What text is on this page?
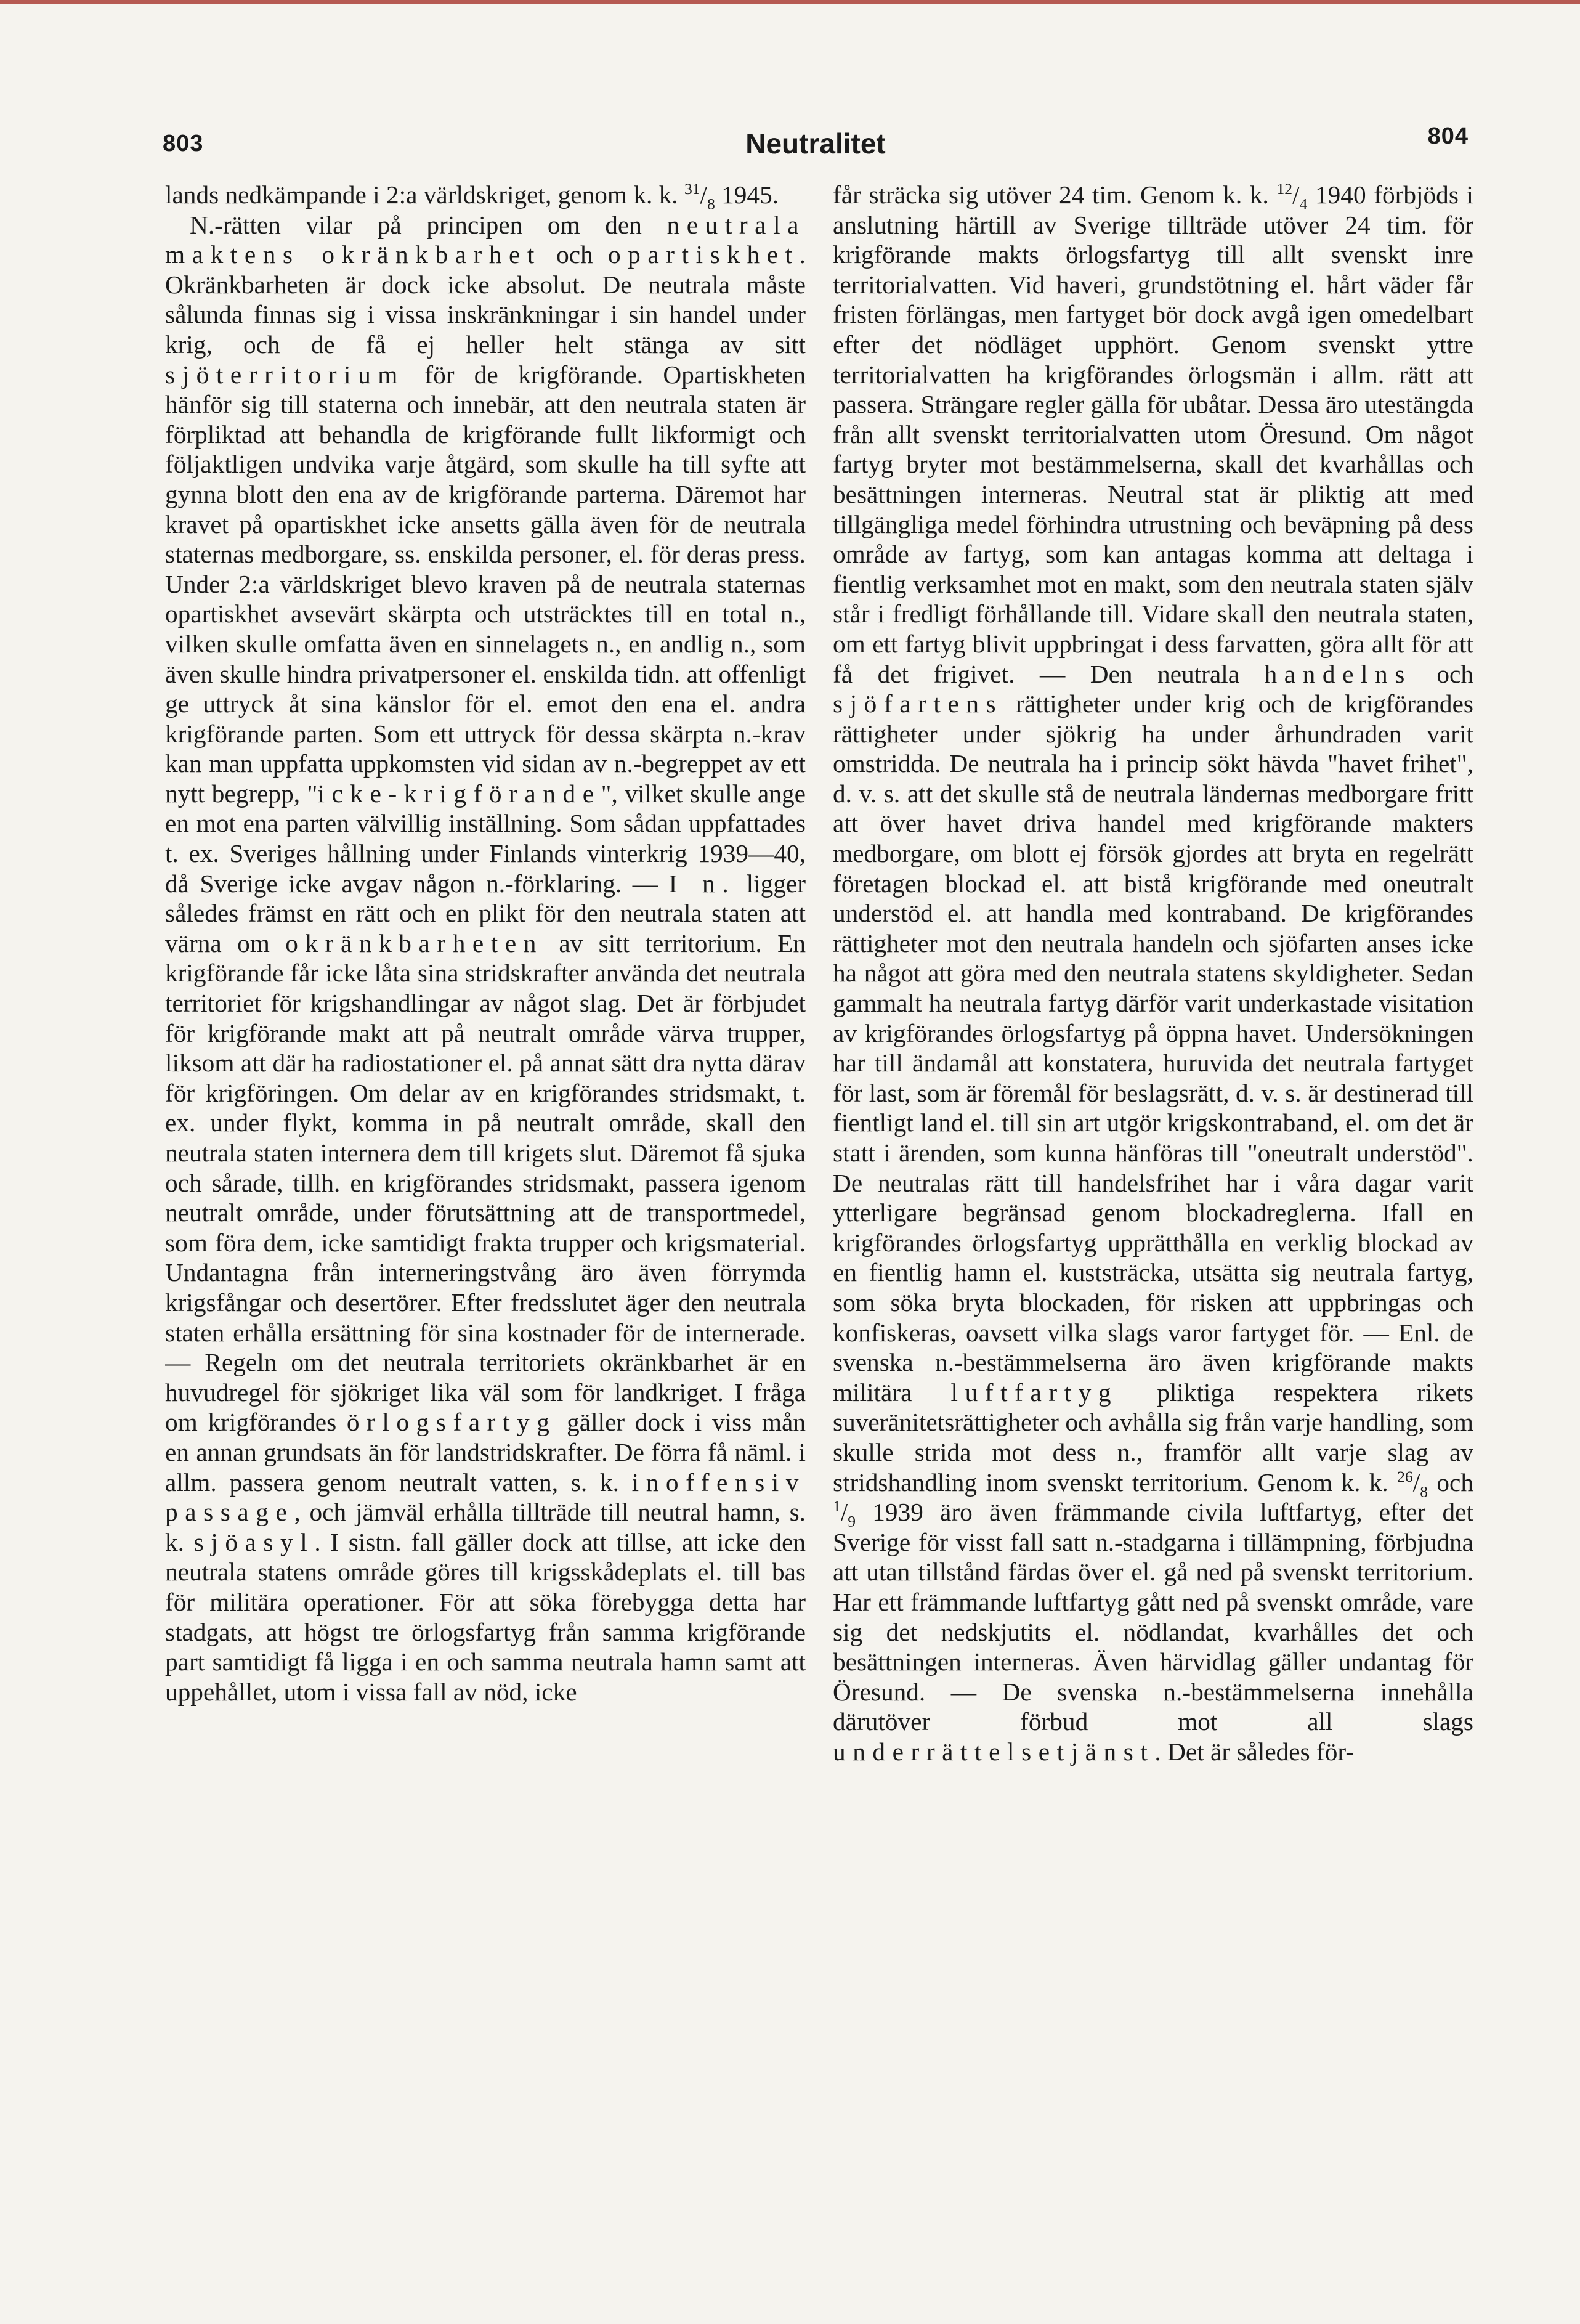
803	Neutralitet	804

lands nedkämpande i 2:a världskriget, genom k. k. $^{31}/_8$ 1945.

N.-rätten vilar på principen om den neutrala maktens okränkbarhet och opartiskhet. Okränkbarheten är dock icke absolut. De neutrala måste sålunda finnas sig i vissa inskränkningar i sin handel under krig, och de få ej heller helt stänga av sitt sjöterritorium för de krigförande. Opartiskheten hänför sig till staterna och innebär, att den neutrala staten är förpliktad att behandla de krigförande fullt likformigt och följaktligen undvika varje åtgärd, som skulle ha till syfte att gynna blott den ena av de krigförande parterna. Däremot har kravet på opartiskhet icke ansetts gälla även för de neutrala staternas medborgare, ss. enskilda personer, el. för deras press. Under 2:a världskriget blevo kraven på de neutrala staternas opartiskhet avsevärt skärpta och utsträcktes till en total n., vilken skulle omfatta även en sinnelagets n., en andlig n., som även skulle hindra privatpersoner el. enskilda tidn. att offenligt ge uttryck åt sina känslor för el. emot den ena el. andra krigförande parten. Som ett uttryck för dessa skärpta n.-krav kan man uppfatta uppkomsten vid sidan av n.-begreppet av ett nytt begrepp, "icke-krigförande", vilket skulle ange en mot ena parten välvillig inställning. Som sådan uppfattades t. ex. Sveriges hållning under Finlands vinterkrig 1939—40, då Sverige icke avgav någon n.-förklaring. — I n. ligger således främst en rätt och en plikt för den neutrala staten att värna om okränkbarheten av sitt territorium. En krigförande får icke låta sina stridskrafter använda det neutrala territoriet för krigshandlingar av något slag. Det är förbjudet för krigförande makt att på neutralt område värva trupper, liksom att där ha radiostationer el. på annat sätt dra nytta därav för krigföringen. Om delar av en krigförandes stridsmakt, t. ex. under flykt, komma in på neutralt område, skall den neutrala staten internera dem till krigets slut. Däremot få sjuka och sårade, tillh. en krigförandes stridsmakt, passera igenom neutralt område, under förutsättning att de transportmedel, som föra dem, icke samtidigt frakta trupper och krigsmaterial. Undantagna från interneringstvång äro även förrymda krigsfångar och desertörer. Efter fredsslutet äger den neutrala staten erhålla ersättning för sina kostnader för de internerade. — Regeln om det neutrala territoriets okränkbarhet är en huvudregel för sjökriget lika väl som för landkriget. I fråga om krigförandes örlogsfartyg gäller dock i viss mån en annan grundsats än för landstridskrafter. De förra få näml. i allm. passera genom neutralt vatten, s. k. inoffensiv passage, och jämväl erhålla tillträde till neutral hamn, s. k. sjöasyl. I sistn. fall gäller dock att tillse, att icke den neutrala statens område göres till krigsskådeplats el. till bas för militära operationer. För att söka förebygga detta har stadgats, att högst tre örlogsfartyg från samma krigförande part samtidigt få ligga i en och samma neutrala hamn samt att uppehållet, utom i vissa fall av nöd, icke

får sträcka sig utöver 24 tim. Genom k. k. $^{12}/_4$ 1940 förbjöds i anslutning härtill av Sverige tillträde utöver 24 tim. för krigförande makts örlogsfartyg till allt svenskt inre territorialvatten. Vid haveri, grundstötning el. hårt väder får fristen förlängas, men fartyget bör dock avgå igen omedelbart efter det nödläget upphört. Genom svenskt yttre territorialvatten ha krigförandes örlogsmän i allm. rätt att passera. Strängare regler gälla för ubåtar. Dessa äro utestängda från allt svenskt territorialvatten utom Öresund. Om något fartyg bryter mot bestämmelserna, skall det kvarhållas och besättningen interneras. Neutral stat är pliktig att med tillgängliga medel förhindra utrustning och beväpning på dess område av fartyg, som kan antagas komma att deltaga i fientlig verksamhet mot en makt, som den neutrala staten själv står i fredligt förhållande till. Vidare skall den neutrala staten, om ett fartyg blivit uppbringat i dess farvatten, göra allt för att få det frigivet. — Den neutrala handelns och sjöfartens rättigheter under krig och de krigförandes rättigheter under sjökrig ha under århundraden varit omstridda. De neutrala ha i princip sökt hävda "havet frihet", d. v. s. att det skulle stå de neutrala ländernas medborgare fritt att över havet driva handel med krigförande makters medborgare, om blott ej försök gjordes att bryta en regelrätt företagen blockad el. att bistå krigförande med oneutralt understöd el. att handla med kontraband. De krigförandes rättigheter mot den neutrala handeln och sjöfarten anses icke ha något att göra med den neutrala statens skyldigheter. Sedan gammalt ha neutrala fartyg därför varit underkastade visitation av krigförandes örlogsfartyg på öppna havet. Undersökningen har till ändamål att konstatera, huruvida det neutrala fartyget för last, som är föremål för beslagsrätt, d. v. s. är destinerad till fientligt land el. till sin art utgör krigskontraband, el. om det är statt i ärenden, som kunna hänföras till "oneutralt understöd". De neutralas rätt till handelsfrihet har i våra dagar varit ytterligare begränsad genom blockadreglerna. Ifall en krigförandes örlogsfartyg upprätthålla en verklig blockad av en fientlig hamn el. kuststräcka, utsätta sig neutrala fartyg, som söka bryta blockaden, för risken att uppbringas och konfiskeras, oavsett vilka slags varor fartyget för. — Enl. de svenska n.-bestämmelserna äro även krigförande makts militära luftfartyg pliktiga respektera rikets suveränitetsrättigheter och avhålla sig från varje handling, som skulle strida mot dess n., framför allt varje slag av stridshandling inom svenskt territorium. Genom k. k. $^{26}/_8$ och $^1/_9$ 1939 äro även främmande civila luftfartyg, efter det Sverige för visst fall satt n.-stadgarna i tillämpning, förbjudna att utan tillstånd färdas över el. gå ned på svenskt territorium. Har ett främmande luftfartyg gått ned på svenskt område, vare sig det nedskjutits el. nödlandat, kvarhålles det och besättningen interneras. Även härvidlag gäller undantag för Öresund. — De svenska n.-bestämmelserna innehålla därutöver förbud mot all slags underrättelsetjänst. Det är således för-
